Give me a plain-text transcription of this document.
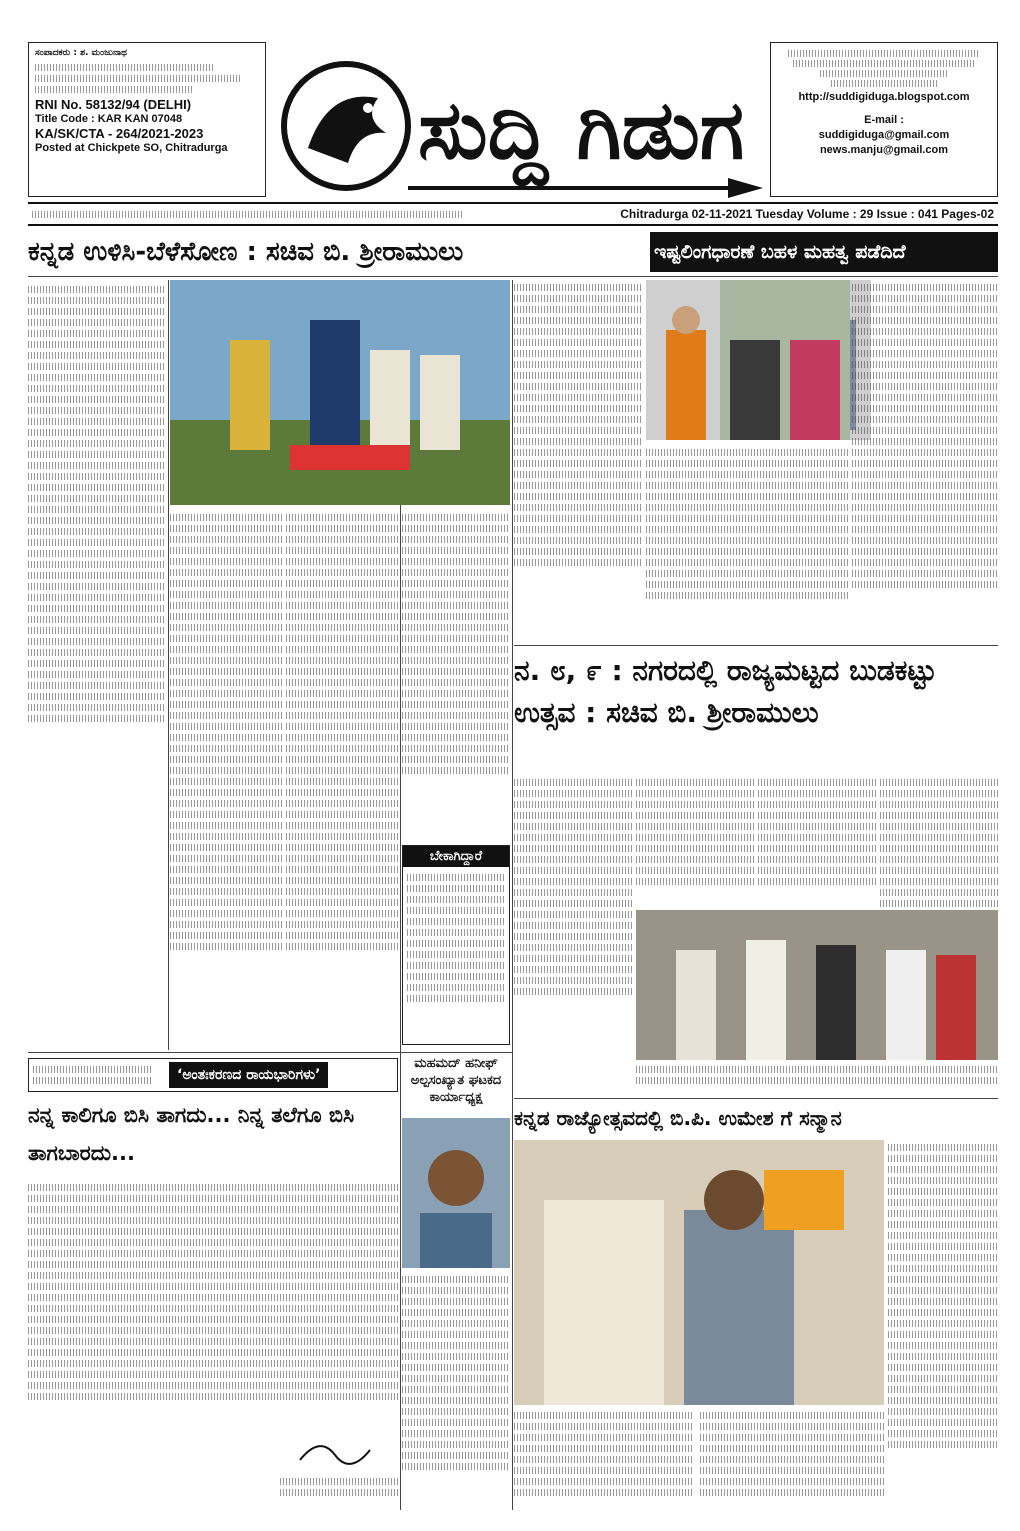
ಸಂಪಾದಕರು : ಶ. ಮಂಜುನಾಥ
RNI No. 58132/94 (DELHI)
Title Code : KAR KAN 07048
KA/SK/CTA - 264/2021-2023
Posted at Chickpete SO, Chitradurga	ಸುದ್ದಿ ಗಿಡುಗ	http://suddigiduga.blogspot.com
E-mail :
suddigiduga@gmail.com
news.manju@gmail.com
Chitradurga 02-11-2021 Tuesday Volume : 29 Issue : 041 Pages-02
ಕನ್ನಡ ಉಳಿಸಿ-ಬೆಳೆಸೋಣ : ಸಚಿವ ಬಿ. ಶ್ರೀರಾಮುಲು	ಇಷ್ಟಲಿಂಗಧಾರಣೆ ಬಹಳ ಮಹತ್ವ ಪಡೆದಿದೆ
ನ. ೮, ೯ : ನಗರದಲ್ಲಿ ರಾಜ್ಯಮಟ್ಟದ ಬುಡಕಟ್ಟು ಉತ್ಸವ : ಸಚಿವ ಬಿ. ಶ್ರೀರಾಮುಲು
ಬೇಕಾಗಿದ್ದಾರೆ
ಮಹಮದ್ ಹನೀಫ್
ಅಲ್ಪಸಂಖ್ಯಾತ ಘಟಕದ ಕಾರ್ಯಾಧ್ಯಕ್ಷ
‘ಅಂತಃಕರಣದ ರಾಯಭಾರಿಗಳು’
ನನ್ನ ಕಾಲಿಗೂ ಬಿಸಿ ತಾಗದು... ನಿನ್ನ ತಲೆಗೂ ಬಿಸಿ ತಾಗಬಾರದು...
ಕನ್ನಡ ರಾಜ್ಯೋತ್ಸವದಲ್ಲಿ ಬಿ.ಪಿ. ಉಮೇಶ ಗೆ ಸನ್ಮಾನ
